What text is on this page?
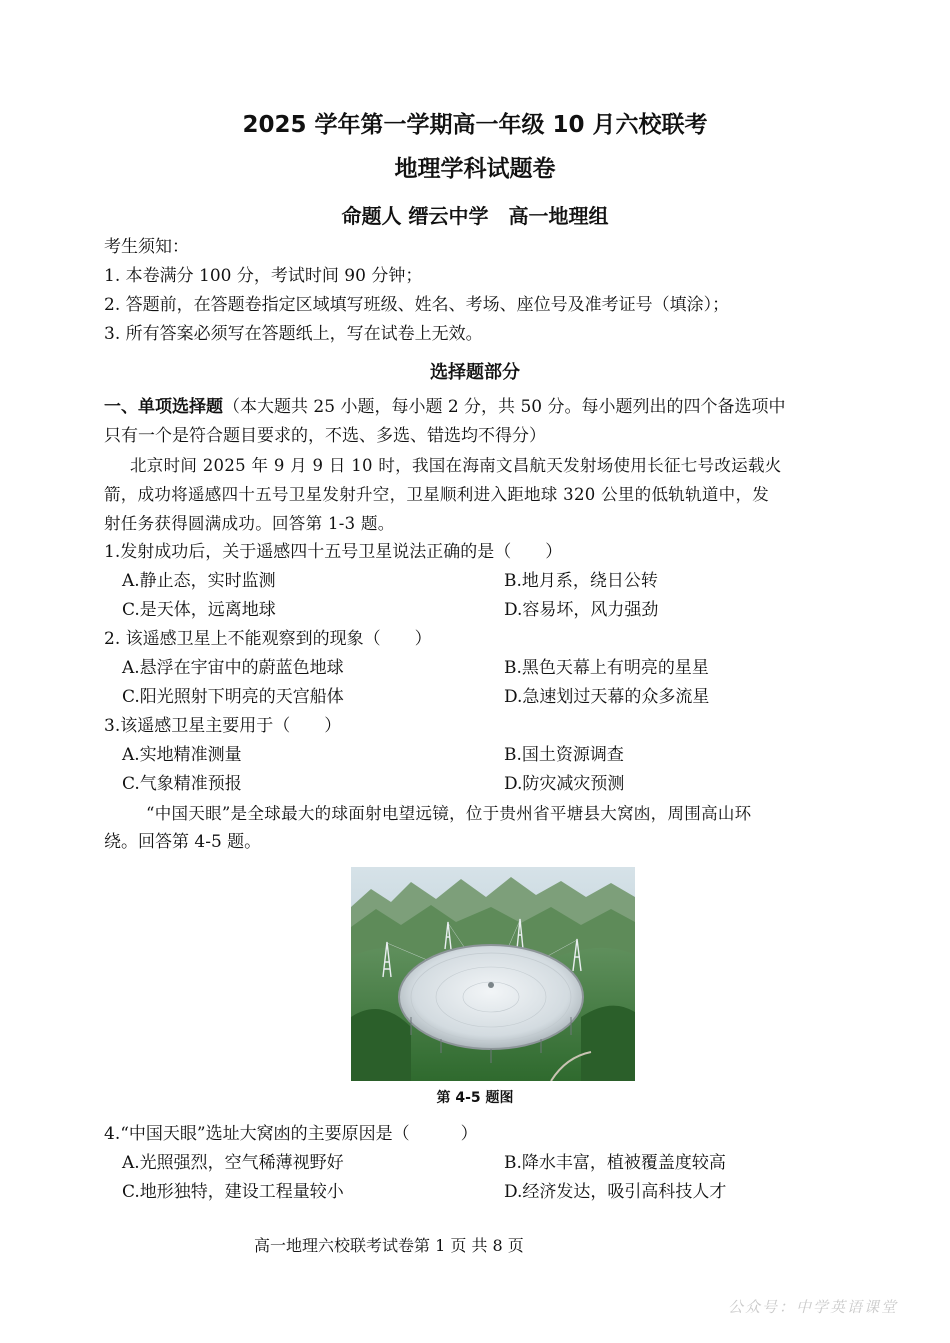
2025 学年第一学期高一年级 10 月六校联考
地理学科试题卷
命题人 缙云中学　高一地理组
考生须知：
1. 本卷满分 100 分，考试时间 90 分钟；
2. 答题前，在答题卷指定区域填写班级、姓名、考场、座位号及准考证号（填涂）；
3. 所有答案必须写在答题纸上，写在试卷上无效。
选择题部分
一、单项选择题（本大题共 25 小题，每小题 2 分，共 50 分。每小题列出的四个备选项中
只有一个是符合题目要求的，不选、多选、错选均不得分）
北京时间 2025 年 9 月 9 日 10 时，我国在海南文昌航天发射场使用长征七号改运载火
箭，成功将遥感四十五号卫星发射升空，卫星顺利进入距地球 320 公里的低轨轨道中，发
射任务获得圆满成功。回答第 1-3 题。
1.发射成功后，关于遥感四十五号卫星说法正确的是（　　）
A.静止态，实时监测	B.地月系，绕日公转
C.是天体，远离地球	D.容易坏，风力强劲
2. 该遥感卫星上不能观察到的现象（　　）
A.悬浮在宇宙中的蔚蓝色地球	B.黑色天幕上有明亮的星星
C.阳光照射下明亮的天宫船体	D.急速划过天幕的众多流星
3.该遥感卫星主要用于（　　）
A.实地精准测量	B.国土资源调查
C.气象精准预报	D.防灾减灾预测
“中国天眼”是全球最大的球面射电望远镜，位于贵州省平塘县大窝凼，周围高山环
绕。回答第 4-5 题。
第 4-5 题图
4.“中国天眼”选址大窝凼的主要原因是（　　　）
A.光照强烈，空气稀薄视野好	B.降水丰富，植被覆盖度较高
C.地形独特，建设工程量较小	D.经济发达，吸引高科技人才
高一地理六校联考试卷第 1 页 共 8 页
公众号：中学英语课堂
